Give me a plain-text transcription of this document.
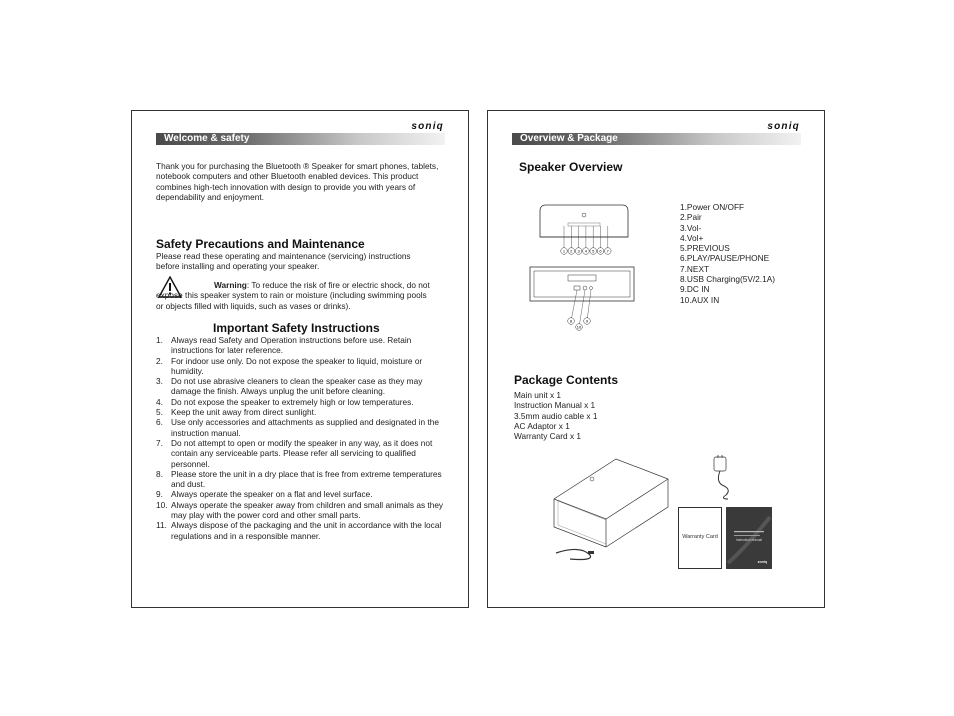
Welcome & safety
soniq
Thank you for purchasing the Bluetooth ® Speaker for smart phones, tablets, notebook computers and other Bluetooth enabled devices. This product combines high-tech innovation with design to provide you with years of dependability and enjoyment.
Safety Precautions and Maintenance
Please read these operating and maintenance (servicing) instructions before installing and operating your speaker.
Warning: To reduce the risk of fire or electric shock, do not expose this speaker system to rain or moisture (including swimming pools or objects filled with liquids, such as vases or drinks).
Important Safety Instructions
1. Always read Safety and Operation instructions before use. Retain instructions for later reference.
2. For indoor use only. Do not expose the speaker to liquid, moisture or humidity.
3. Do not use abrasive cleaners to clean the speaker case as they may damage the finish. Always unplug the unit before cleaning.
4. Do not expose the speaker to extremely high or low temperatures.
5. Keep the unit away from direct sunlight.
6. Use only accessories and attachments as supplied and designated in the instruction manual.
7. Do not attempt to open or modify the speaker in any way, as it does not contain any serviceable parts. Please refer all servicing to qualified personnel.
8. Please store the unit in a dry place that is free from extreme temperatures and dust.
9. Always operate the speaker on a flat and level surface.
10. Always operate the speaker away from children and small animals as they may play with the power cord and other small parts.
11. Always dispose of the packaging and the unit in accordance with the local regulations and in a responsible manner.
Overview & Package
soniq
Speaker Overview
1 2 3 4 5 6 7
8	9
10
1.Power ON/OFF
2.Pair
3.Vol-
4.Vol+
5.PREVIOUS
6.PLAY/PAUSE/PHONE
7.NEXT
8.USB Charging(5V/2.1A)
9.DC IN
10.AUX IN
Package Contents
Main unit x 1
Instruction Manual x 1
3.5mm audio cable x 1
AC Adaptor x 1
Warranty Card x 1
Warranty Card	Instruction Manual
soniq
